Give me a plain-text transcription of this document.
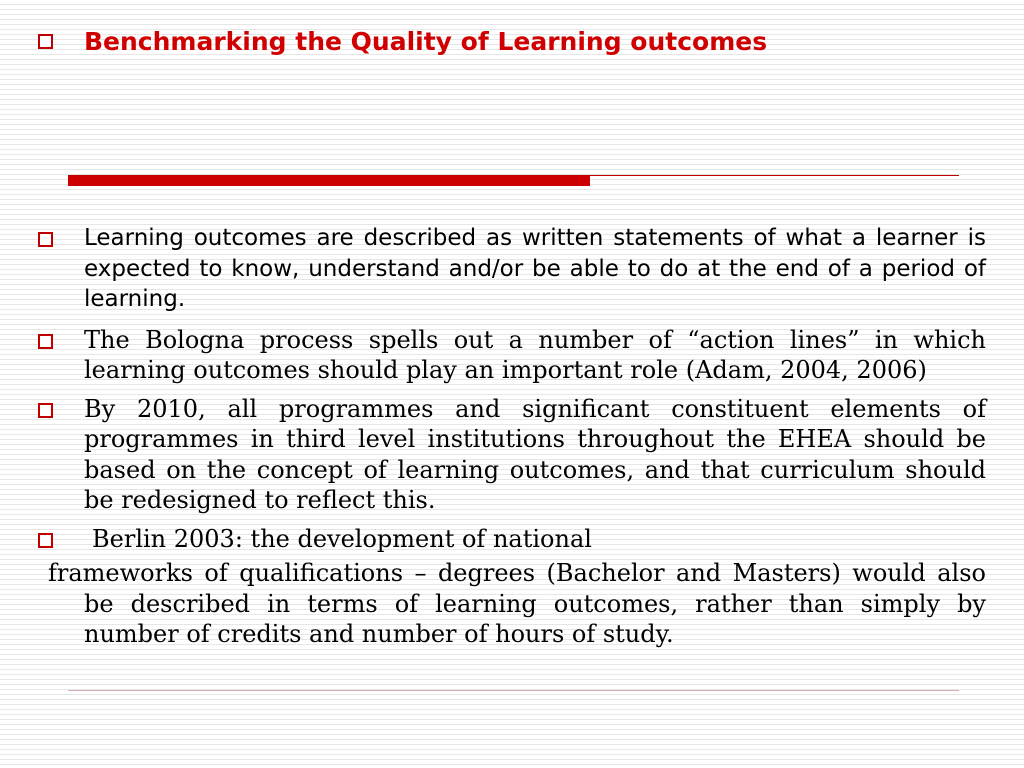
Benchmarking the Quality of Learning outcomes
Learning outcomes are described as written statements of what a learner is expected to know, understand and/or be able to do at the end of a period of learning.
The Bologna process spells out a number of “action lines” in which learning outcomes should play an important role (Adam, 2004, 2006)
By 2010, all programmes and significant constituent elements of programmes in third level institutions throughout the EHEA should be based on the concept of learning outcomes, and that curriculum should be redesigned to reflect this.
Berlin 2003: the development of national
frameworks of qualifications – degrees (Bachelor and Masters) would also be described in terms of learning outcomes, rather than simply by number of credits and number of hours of study.
